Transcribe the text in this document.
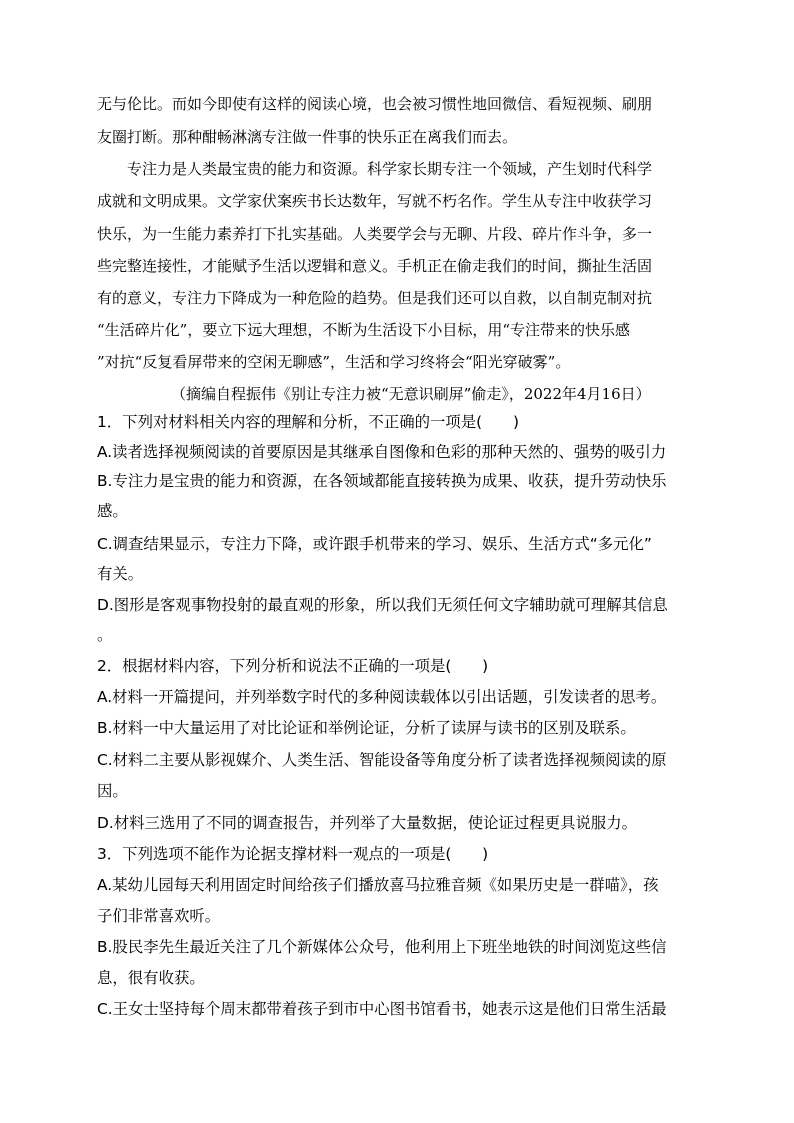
无与伦比。而如今即使有这样的阅读心境，也会被习惯性地回微信、看短视频、刷朋
友圈打断。那种酣畅淋漓专注做一件事的快乐正在离我们而去。
专注力是人类最宝贵的能力和资源。科学家长期专注一个领域，产生划时代科学
成就和文明成果。文学家伏案疾书长达数年，写就不朽名作。学生从专注中收获学习
快乐，为一生能力素养打下扎实基础。人类要学会与无聊、片段、碎片作斗争，多一
些完整连接性，才能赋予生活以逻辑和意义。手机正在偷走我们的时间，撕扯生活固
有的意义，专注力下降成为一种危险的趋势。但是我们还可以自救，以自制克制对抗
“生活碎片化”，要立下远大理想，不断为生活设下小目标，用“专注带来的快乐感
”对抗“反复看屏带来的空闲无聊感”，生活和学习终将会“阳光穿破雾”。
（摘编自程振伟《别让专注力被“无意识刷屏”偷走》，2022年4月16日）
1．下列对材料相关内容的理解和分析，不正确的一项是(　　)
A.读者选择视频阅读的首要原因是其继承自图像和色彩的那种天然的、强势的吸引力
B.专注力是宝贵的能力和资源，在各领域都能直接转换为成果、收获，提升劳动快乐
感。
C.调查结果显示，专注力下降，或许跟手机带来的学习、娱乐、生活方式“多元化”
有关。
D.图形是客观事物投射的最直观的形象，所以我们无须任何文字辅助就可理解其信息
。
2．根据材料内容，下列分析和说法不正确的一项是(　　)
A.材料一开篇提问，并列举数字时代的多种阅读载体以引出话题，引发读者的思考。
B.材料一中大量运用了对比论证和举例论证，分析了读屏与读书的区别及联系。
C.材料二主要从影视媒介、人类生活、智能设备等角度分析了读者选择视频阅读的原
因。
D.材料三选用了不同的调查报告，并列举了大量数据，使论证过程更具说服力。
3．下列选项不能作为论据支撑材料一观点的一项是(　　)
A.某幼儿园每天利用固定时间给孩子们播放喜马拉雅音频《如果历史是一群喵》，孩
子们非常喜欢听。
B.股民李先生最近关注了几个新媒体公众号，他利用上下班坐地铁的时间浏览这些信
息，很有收获。
C.王女士坚持每个周末都带着孩子到市中心图书馆看书，她表示这是他们日常生活最
